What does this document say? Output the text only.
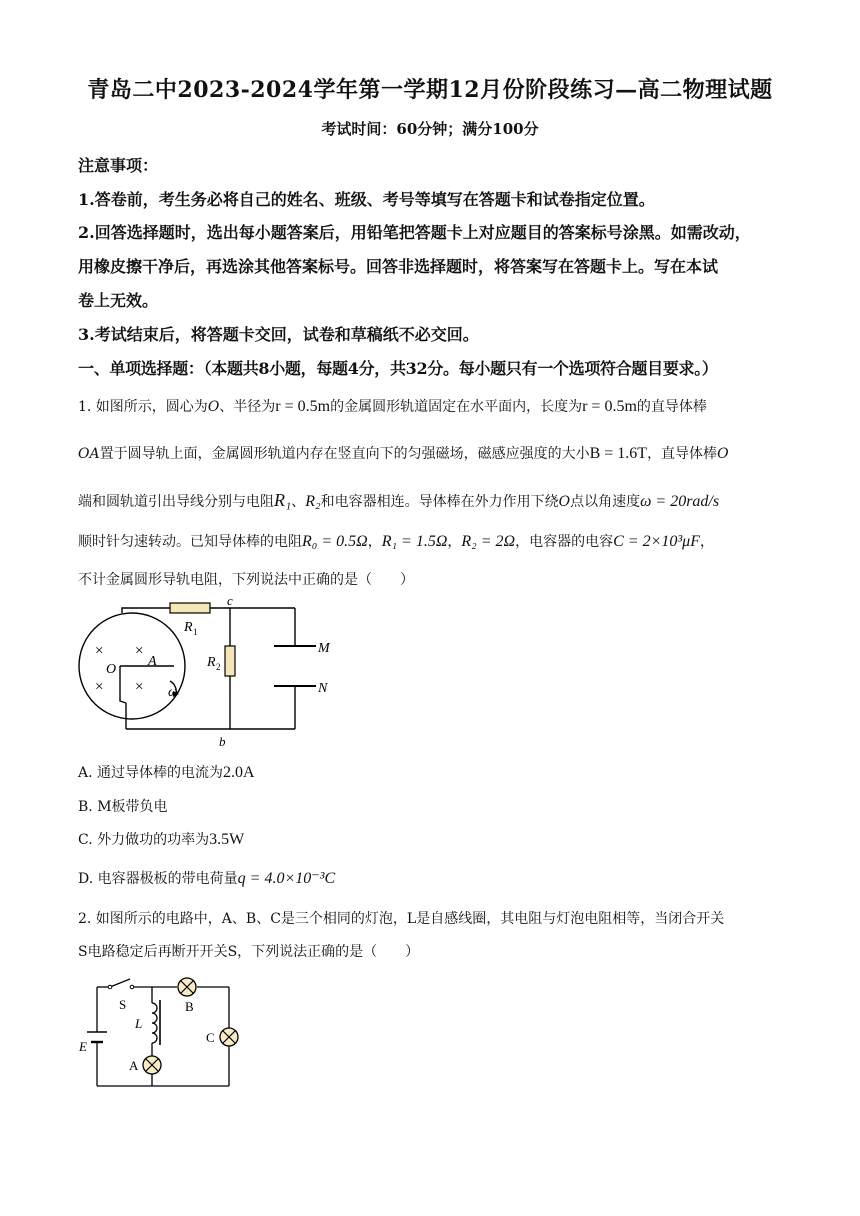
青岛二中2023-2024学年第一学期12月份阶段练习—高二物理试题
考试时间：60分钟；满分100分
注意事项：
1.答卷前，考生务必将自己的姓名、班级、考号等填写在答题卡和试卷指定位置。
2.回答选择题时，选出每小题答案后，用铅笔把答题卡上对应题目的答案标号涂黑。如需改动，
用橡皮擦干净后，再选涂其他答案标号。回答非选择题时，将答案写在答题卡上。写在本试
卷上无效。
3.考试结束后，将答题卡交回，试卷和草稿纸不必交回。
一、单项选择题：（本题共8小题，每题4分，共32分。每小题只有一个选项符合题目要求。）
1. 如图所示，圆心为O、半径为r = 0.5m的金属圆形轨道固定在水平面内，长度为r = 0.5m的直导体棒
OA置于圆导轨上面，金属圆形轨道内存在竖直向下的匀强磁场，磁感应强度的大小B = 1.6T，直导体棒O
端和圆轨道引出导线分别与电阻R₁、R₂和电容器相连。导体棒在外力作用下绕O点以角速度ω = 20rad/s
顺时针匀速转动。已知导体棒的电阻R₀ = 0.5Ω，R₁ = 1.5Ω，R₂ = 2Ω，电容器的电容C = 2×10³μF，
不计金属圆形导轨电阻，下列说法中正确的是（　　）
× ×
× ×
O
A
ω
c
b
M
N
R 1
R 2
A. 通过导体棒的电流为2.0A
B. M板带负电
C. 外力做功的功率为3.5W
D. 电容器极板的带电荷量q = 4.0×10⁻³C
2. 如图所示的电路中，A、B、C是三个相同的灯泡，L是自感线圈，其电阻与灯泡电阻相等，当闭合开关
S电路稳定后再断开开关S，下列说法正确的是（　　）
S	B
L
C
E
A
